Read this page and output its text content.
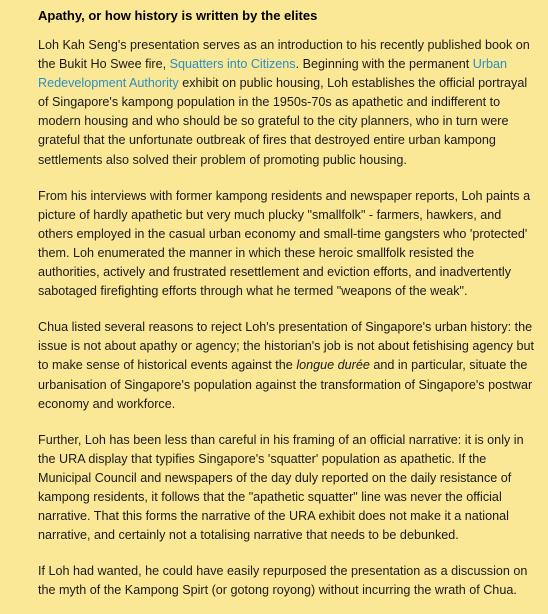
Apathy, or how history is written by the elites

Loh Kah Seng's presentation serves as an introduction to his recently published book on the Bukit Ho Swee fire, Squatters into Citizens. Beginning with the permanent Urban Redevelopment Authority exhibit on public housing, Loh establishes the official portrayal of Singapore's kampong population in the 1950s-70s as apathetic and indifferent to modern housing and who should be so grateful to the city planners, who in turn were grateful that the unfortunate outbreak of fires that destroyed entire urban kampong settlements also solved their problem of promoting public housing.

From his interviews with former kampong residents and newspaper reports, Loh paints a picture of hardly apathetic but very much plucky "smallfolk" - farmers, hawkers, and others employed in the casual urban economy and small-time gangsters who 'protected' them. Loh enumerated the manner in which these heroic smallfolk resisted the authorities, actively and frustrated resettlement and eviction efforts, and inadvertently sabotaged firefighting efforts through what he termed "weapons of the weak".

Chua listed several reasons to reject Loh's presentation of Singapore's urban history: the issue is not about apathy or agency; the historian's job is not about fetishising agency but to make sense of historical events against the longue durée and in particular, situate the urbanisation of Singapore's population against the transformation of Singapore's postwar economy and workforce.

Further, Loh has been less than careful in his framing of an official narrative: it is only in the URA display that typifies Singapore's 'squatter' population as apathetic. If the Municipal Council and newspapers of the day duly reported on the daily resistance of kampong residents, it follows that the "apathetic squatter" line was never the official narrative. That this forms the narrative of the URA exhibit does not make it a national narrative, and certainly not a totalising narrative that needs to be debunked.

If Loh had wanted, he could have easily repurposed the presentation as a discussion on the myth of the Kampong Spirt (or gotong royong) without incurring the wrath of Chua.
